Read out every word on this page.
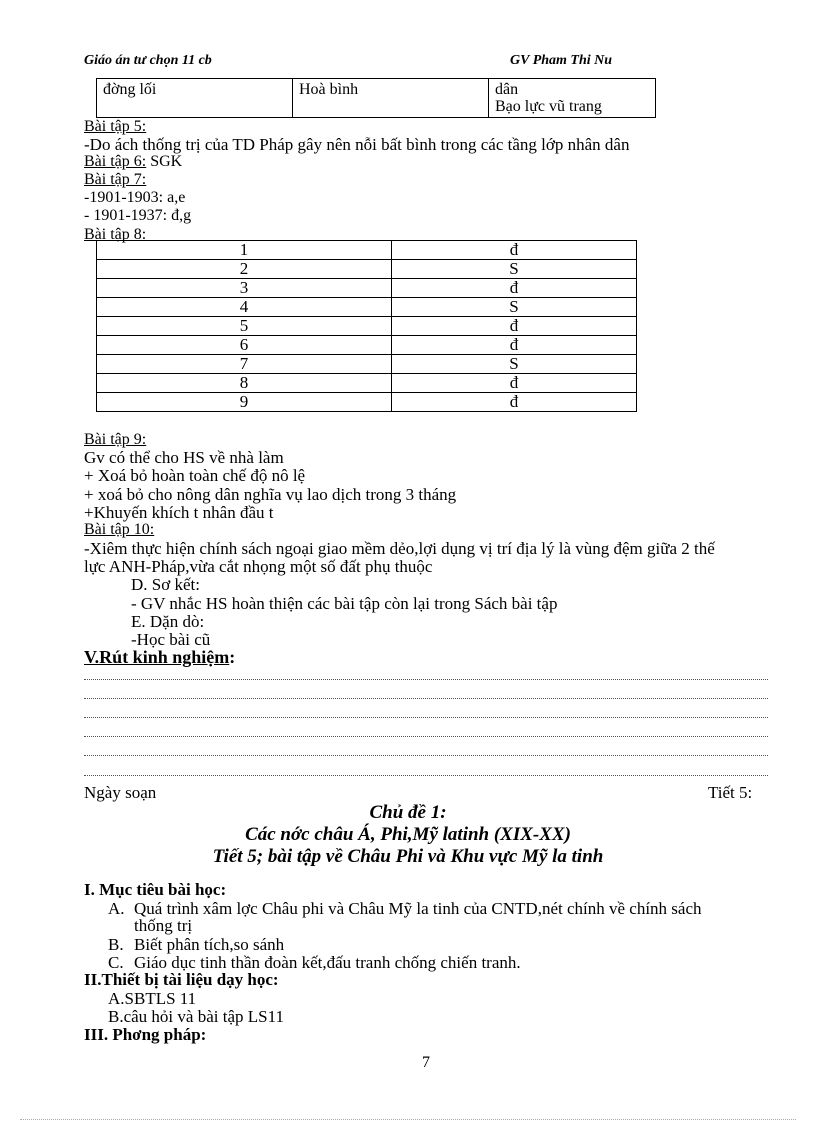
Giáo án tư chọn 11 cb	GV Pham Thi Nu
đờng lối	Hoà bình	dân
Bạo lực vũ trang
Bài tập 5:
-Do ách thống trị của TD Pháp gây nên nỗi bất bình trong các tầng lớp nhân dân
Bài tập 6: SGK
Bài tập 7:
-1901-1903: a,e
- 1901-1937: đ,g
Bài tập 8:
1	đ
2	S
3	đ
4	S
5	đ
6	đ
7	S
8	đ
9	đ
Bài tập 9:
Gv có thể cho HS về nhà làm
+ Xoá bỏ hoàn toàn chế độ nô lệ
+ xoá bỏ cho nông dân nghĩa vụ lao dịch trong 3 tháng
+Khuyến khích t nhân đầu t
Bài tập 10:
-Xiêm thực hiện chính sách ngoại giao mềm dẻo,lợi dụng vị trí địa lý là vùng đệm giữa 2 thế
lực ANH-Pháp,vừa cắt nhọng một số đất phụ thuộc
D. Sơ kết:
- GV nhắc HS hoàn thiện các bài tập còn lại trong Sách bài tập
E. Dặn dò:
-Học bài cũ
V.Rút kinh nghiệm:
Ngày soạn	Tiết 5:
Chủ đề 1:
Các nớc châu Á, Phi,Mỹ latinh (XIX-XX)
Tiết 5; bài tập về Châu Phi và Khu vực Mỹ la tinh
I. Mục tiêu bài học:
A. Quá trình xâm lợc Châu phi và Châu Mỹ la tinh của CNTD,nét chính về chính sách
thống trị
B. Biết phân tích,so sánh
C. Giáo dục tinh thần đoàn kết,đấu tranh chống chiến tranh.
II.Thiết bị tài liệu dạy học:
A.SBTLS 11
B.câu hỏi và bài tập LS11
III. Phơng pháp:
7
